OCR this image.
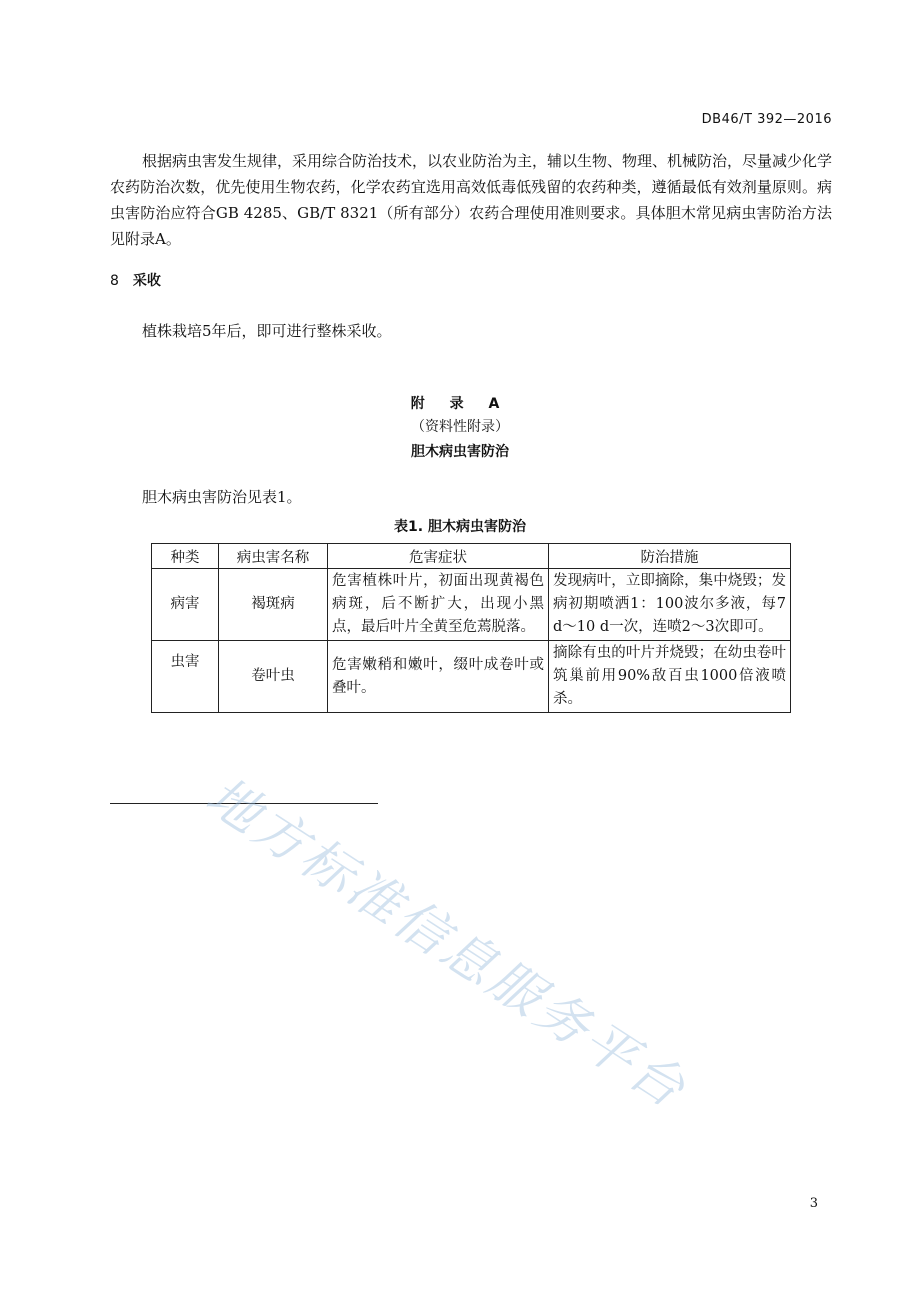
DB46/T 392—2016

根据病虫害发生规律，采用综合防治技术，以农业防治为主，辅以生物、物理、机械防治，尽量减少化学农药防治次数，优先使用生物农药，化学农药宜选用高效低毒低残留的农药种类，遵循最低有效剂量原则。病虫害防治应符合GB 4285、GB/T 8321（所有部分）农药合理使用准则要求。具体胆木常见病虫害防治方法见附录A。

8 采收

植株栽培5年后，即可进行整株采收。

附 录 A
（资料性附录）
胆木病虫害防治

胆木病虫害防治见表1。

表1. 胆木病虫害防治
种类	病虫害名称	危害症状	防治措施
病害	褐斑病	危害植株叶片，初面出现黄褐色病斑，后不断扩大，出现小黑点，最后叶片全黄至危蔫脱落。	发现病叶，立即摘除，集中烧毁；发病初期喷洒1：100波尔多液，每7 d～10 d一次，连喷2～3次即可。
虫害	卷叶虫	危害嫩稍和嫩叶，缀叶成卷叶或叠叶。	摘除有虫的叶片并烧毁；在幼虫卷叶筑巢前用90%敌百虫1000倍液喷杀。
地方标准信息服务平台
3
